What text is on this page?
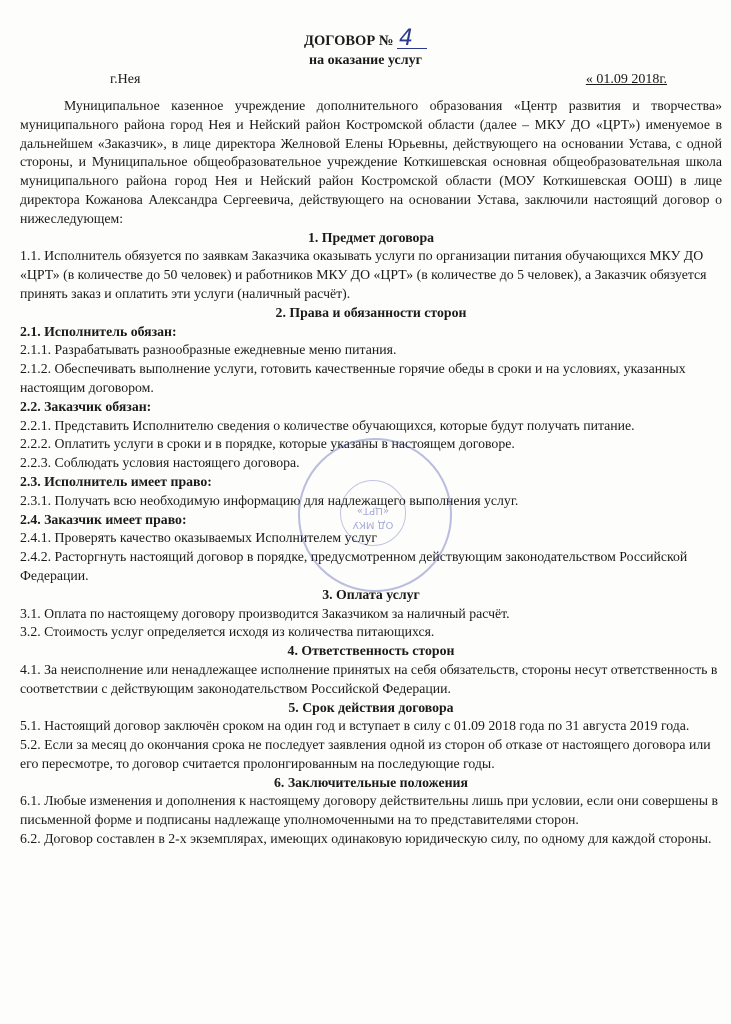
ДОГОВОР № 4
на оказание услуг
г.Нея	« 01.09 2018г.

Муниципальное казенное учреждение дополнительного образования «Центр развития и творчества» муниципального района город Нея и Нейский район Костромской области (далее – МКУ ДО «ЦРТ») именуемое в дальнейшем «Заказчик», в лице директора Желновой Елены Юрьевны, действующего на основании Устава, с одной стороны, и Муниципальное общеобразовательное учреждение Коткишевская основная общеобразовательная школа муниципального района город Нея и Нейский район Костромской области (МОУ Коткишевская ООШ) в лице директора Кожанова Александра Сергеевича, действующего на основании Устава, заключили настоящий договор о нижеследующем:

1. Предмет договора

1.1. Исполнитель обязуется по заявкам Заказчика оказывать услуги по организации питания обучающихся МКУ ДО «ЦРТ» (в количестве до 50 человек) и работников МКУ ДО «ЦРТ» (в количестве до 5 человек), а Заказчик обязуется принять заказ и оплатить эти услуги (наличный расчёт).

2. Права и обязанности сторон

2.1. Исполнитель обязан:

2.1.1. Разрабатывать разнообразные ежедневные меню питания.

2.1.2. Обеспечивать выполнение услуги, готовить качественные горячие обеды в сроки и на условиях, указанных настоящим договором.

2.2. Заказчик обязан:

2.2.1. Представить Исполнителю сведения о количестве обучающихся, которые будут получать питание.

2.2.2. Оплатить услуги в сроки и в порядке, которые указаны в настоящем договоре.

2.2.3. Соблюдать условия настоящего договора.

2.3. Исполнитель имеет право:

2.3.1. Получать всю необходимую информацию для надлежащего выполнения услуг.

2.4. Заказчик имеет право:

2.4.1. Проверять качество оказываемых Исполнителем услуг

2.4.2. Расторгнуть настоящий договор в порядке, предусмотренном действующим законодательством Российской Федерации.

3. Оплата услуг

3.1. Оплата по настоящему договору производится Заказчиком за наличный расчёт.

3.2. Стоимость услуг определяется исходя из количества питающихся.

4. Ответственность сторон

4.1. За неисполнение или ненадлежащее исполнение принятых на себя обязательств, стороны несут ответственность в соответствии с действующим законодательством Российской Федерации.

5. Срок действия договора

5.1. Настоящий договор заключён сроком на один год и вступает в силу с 01.09 2018 года по 31 августа 2019 года.

5.2. Если за месяц до окончания срока не последует заявления одной из сторон об отказе от настоящего договора или его пересмотре, то договор считается пролонгированным на последующие годы.

6. Заключительные положения

6.1. Любые изменения и дополнения к настоящему договору действительны лишь при условии, если они совершены в письменной форме и подписаны надлежаще уполномоченными на то представителями сторон.

6.2. Договор составлен в 2-х экземплярах, имеющих одинаковую юридическую силу, по одному для каждой стороны.

ОД МКУ «ЦРТ»
